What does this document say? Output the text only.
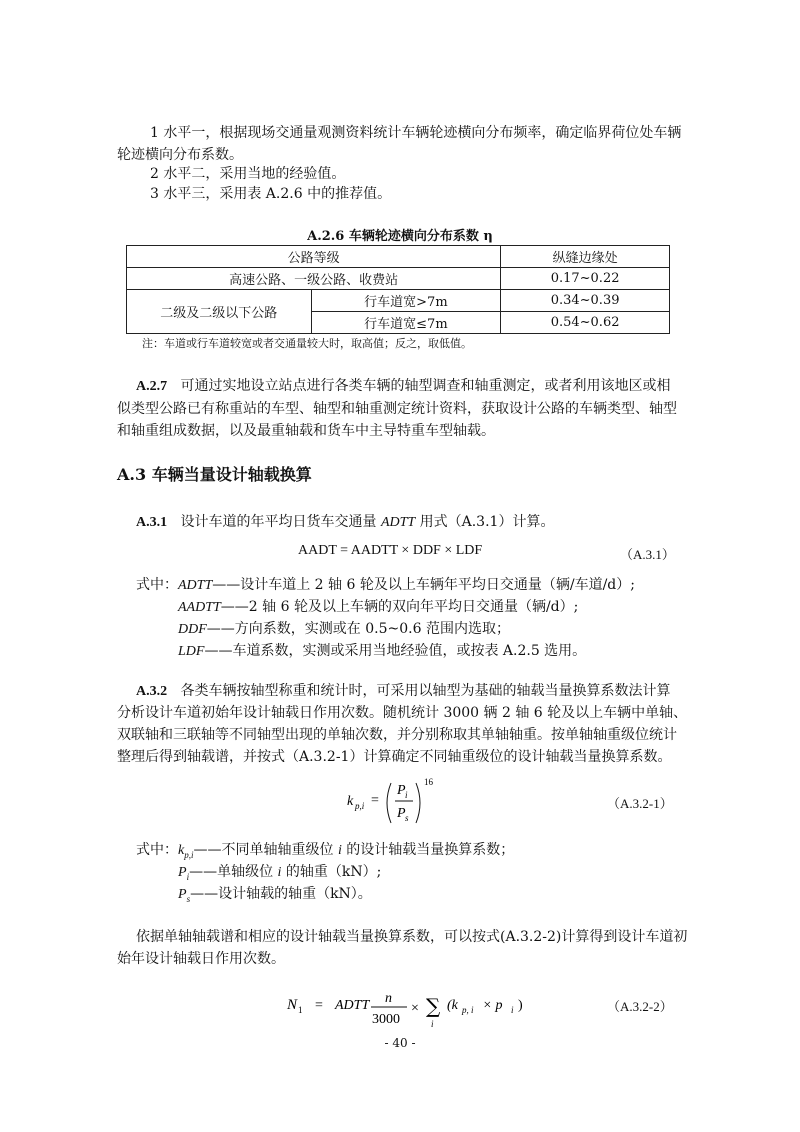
1 水平一，根据现场交通量观测资料统计车辆轮迹横向分布频率，确定临界荷位处车辆

轮迹横向分布系数。

2 水平二，采用当地的经验值。

3 水平三，采用表 A.2.6 中的推荐值。

A.2.6 车辆轮迹横向分布系数 η
公路等级		纵缝边缘处
高速公路、一级公路、收费站		0.17~0.22
二级及二级以下公路	行车道宽>7m	0.34~0.39
	行车道宽≤7m	0.54~0.62
注：车道或行车道较宽或者交通量较大时，取高值；反之，取低值。

A.2.7 可通过实地设立站点进行各类车辆的轴型调查和轴重测定，或者利用该地区或相

似类型公路已有称重站的车型、轴型和轴重测定统计资料，获取设计公路的车辆类型、轴型

和轴重组成数据，以及最重轴载和货车中主导特重车型轴载。

A.3 车辆当量设计轴载换算

A.3.1 设计车道的年平均日货车交通量 ADTT 用式（A.3.1）计算。

AADT = AADTT × DDF × LDF	（A.3.1）

式中：ADTT——设计车道上 2 轴 6 轮及以上车辆年平均日交通量（辆/车道/d）;

AADTT——2 轴 6 轮及以上车辆的双向年平均日交通量（辆/d）;

DDF——方向系数，实测或在 0.5~0.6 范围内选取；

LDF——车道系数，实测或采用当地经验值，或按表 A.2.5 选用。

A.3.2 各类车辆按轴型称重和统计时，可采用以轴型为基础的轴载当量换算系数法计算

分析设计车道初始年设计轴载日作用次数。随机统计 3000 辆 2 轴 6 轮及以上车辆中单轴、

双联轴和三联轴等不同轴型出现的单轴次数，并分别称取其单轴轴重。按单轴轴重级位统计

整理后得到轴载谱，并按式（A.3.2-1）计算确定不同轴重级位的设计轴载当量换算系数。

k p,i =
P i
P s
16
（A.3.2-1）

式中：$k_{p,i}——$不同单轴轴重级位 i 的设计轴载当量换算系数；

$P_i——$单轴级位 i 的轴重（kN）;

$P_s——$设计轴载的轴重（kN）。

依据单轴轴载谱和相应的设计轴载当量换算系数，可以按式(A.3.2-2)计算得到设计车道初

始年设计轴载日作用次数。

N 1 = ADTT n
3000
× ∑
i
(k p, i × p i )	（A.3.2-2）
- 40 -
